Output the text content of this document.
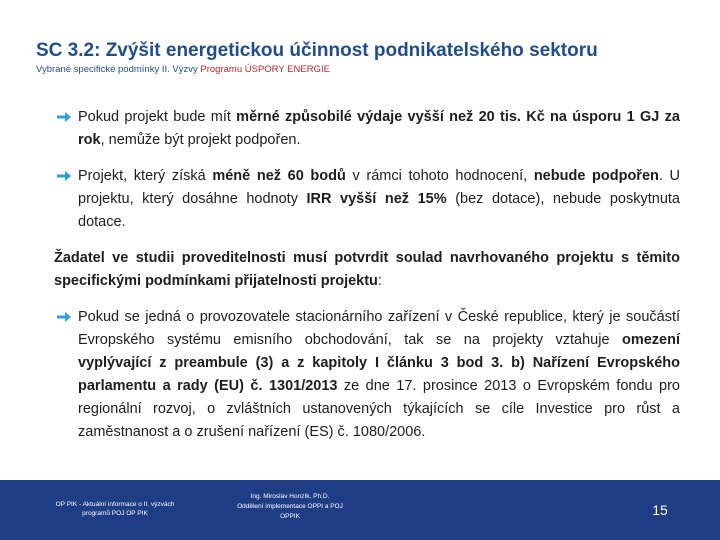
SC 3.2: Zvýšit energetickou účinnost podnikatelského sektoru
Vybrané specifické podmínky II. Výzvy Programu ÚSPORY ENERGIE
Pokud projekt bude mít měrné způsobilé výdaje vyšší než 20 tis. Kč na úsporu 1 GJ za rok, nemůže být projekt podpořen.
Projekt, který získá méně než 60 bodů v rámci tohoto hodnocení, nebude podpořen. U projektu, který dosáhne hodnoty IRR vyšší než 15% (bez dotace), nebude poskytnuta dotace.

Žadatel ve studii proveditelnosti musí potvrdit soulad navrhovaného projektu s těmito specifickými podmínkami přijatelnosti projektu:

Pokud se jedná o provozovatele stacionárního zařízení v České republice, který je součástí Evropského systému emisního obchodování, tak se na projekty vztahuje omezení vyplývající z preambule (3) a z kapitoly I článku 3 bod 3. b) Nařízení Evropského parlamentu a rady (EU) č. 1301/2013 ze dne 17. prosince 2013 o Evropském fondu pro regionální rozvoj, o zvláštních ustanovených týkajících se cíle Investice pro růst a zaměstnanost a o zrušení nařízení (ES) č. 1080/2006.
OP PIK - Aktuální informace o II. výzvách
programů POJ OP PIK
Ing. Miroslav Honzík, Ph.D.
Oddělení implementace OPPI a POJ
OPPIK	15
